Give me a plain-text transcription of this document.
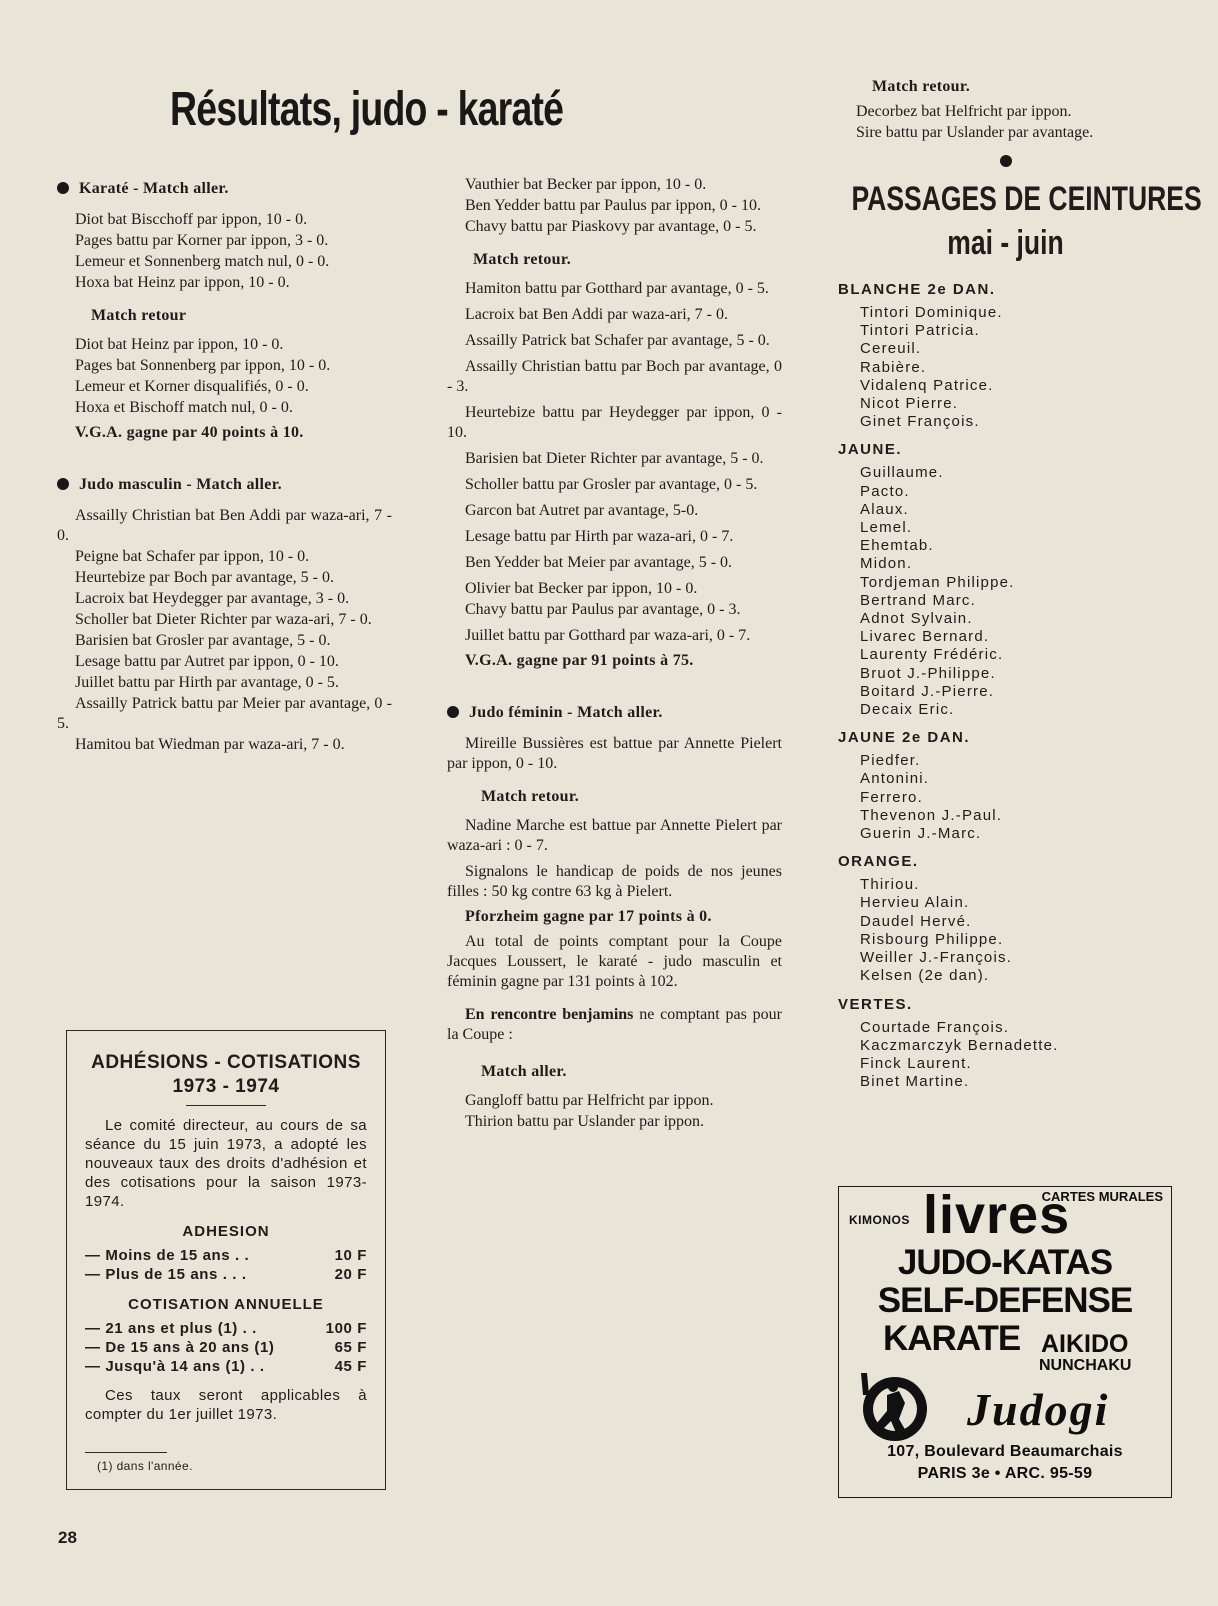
Résultats, judo - karaté
Karaté - Match aller.

Diot bat Biscchoff par ippon, 10 - 0.

Pages battu par Korner par ippon, 3 - 0.

Lemeur et Sonnenberg match nul, 0 - 0.

Hoxa bat Heinz par ippon, 10 - 0.

Match retour

Diot bat Heinz par ippon, 10 - 0.

Pages bat Sonnenberg par ippon, 10 - 0.

Lemeur et Korner disqualifiés, 0 - 0.

Hoxa et Bischoff match nul, 0 - 0.

V.G.A. gagne par 40 points à 10.
Judo masculin - Match aller.

Assailly Christian bat Ben Addi par waza-ari, 7 - 0.

Peigne bat Schafer par ippon, 10 - 0.

Heurtebize par Boch par avantage, 5 - 0.

Lacroix bat Heydegger par avantage, 3 - 0.

Scholler bat Dieter Richter par waza-ari, 7 - 0.

Barisien bat Grosler par avantage, 5 - 0.

Lesage battu par Autret par ippon, 0 - 10.

Juillet battu par Hirth par avantage, 0 - 5.

Assailly Patrick battu par Meier par avantage, 0 - 5.

Hamitou bat Wiedman par waza-ari, 7 - 0.

ADHÉSIONS - COTISATIONS
1973 - 1974
Le comité directeur, au cours de sa séance du 15 juin 1973, a adopté les nouveaux taux des droits d'adhésion et des cotisations pour la saison 1973-1974.
ADHESION
— Moins de 15 ans . .	10 F
— Plus de 15 ans . . .	20 F
COTISATION ANNUELLE
— 21 ans et plus (1) . .	100 F
— De 15 ans à 20 ans (1)	65 F
— Jusqu'à 14 ans (1) . .	45 F
Ces taux seront applicables à compter du 1er juillet 1973.
(1) dans l'année.

Vauthier bat Becker par ippon, 10 - 0.

Ben Yedder battu par Paulus par ippon, 0 - 10.

Chavy battu par Piaskovy par avantage, 0 - 5.

Match retour.

Hamiton battu par Gotthard par avantage, 0 - 5.

Lacroix bat Ben Addi par waza-ari, 7 - 0.

Assailly Patrick bat Schafer par avantage, 5 - 0.

Assailly Christian battu par Boch par avantage, 0 - 3.

Heurtebize battu par Heydegger par ippon, 0 - 10.

Barisien bat Dieter Richter par avantage, 5 - 0.

Scholler battu par Grosler par avantage, 0 - 5.

Garcon bat Autret par avantage, 5-0.

Lesage battu par Hirth par waza-ari, 0 - 7.

Ben Yedder bat Meier par avantage, 5 - 0.

Olivier bat Becker par ippon, 10 - 0.

Chavy battu par Paulus par avantage, 0 - 3.

Juillet battu par Gotthard par waza-ari, 0 - 7.

V.G.A. gagne par 91 points à 75.
Judo féminin - Match aller.

Mireille Bussières est battue par Annette Pielert par ippon, 0 - 10.

Match retour.

Nadine Marche est battue par Annette Pielert par waza-ari : 0 - 7.

Signalons le handicap de poids de nos jeunes filles : 50 kg contre 63 kg à Pielert.

Pforzheim gagne par 17 points à 0.

Au total de points comptant pour la Coupe Jacques Loussert, le karaté - judo masculin et féminin gagne par 131 points à 102.

En rencontre benjamins ne comptant pas pour la Coupe :

Match aller.

Gangloff battu par Helfricht par ippon.

Thirion battu par Uslander par ippon.

Match retour.

Decorbez bat Helfricht par ippon.

Sire battu par Uslander par avantage.

PASSAGES DE CEINTURES
mai - juin
BLANCHE 2e DAN.
Tintori Dominique.
Tintori Patricia.
Cereuil.
Rabière.
Vidalenq Patrice.
Nicot Pierre.
Ginet François.
JAUNE.
Guillaume.
Pacto.
Alaux.
Lemel.
Ehemtab.
Midon.
Tordjeman Philippe.
Bertrand Marc.
Adnot Sylvain.
Livarec Bernard.
Laurenty Frédéric.
Bruot J.-Philippe.
Boitard J.-Pierre.
Decaix Eric.
JAUNE 2e DAN.
Piedfer.
Antonini.
Ferrero.
Thevenon J.-Paul.
Guerin J.-Marc.
ORANGE.
Thiriou.
Hervieu Alain.
Daudel Hervé.
Risbourg Philippe.
Weiller J.-François.
Kelsen (2e dan).
VERTES.
Courtade François.
Kaczmarczyk Bernadette.
Finck Laurent.
Binet Martine.
KIMONOS
CARTES MURALES
livres
JUDO-KATAS
SELF-DEFENSE
KARATE AIKIDO
NUNCHAKU
Judogi
107, Boulevard Beaumarchais
PARIS 3e • ARC. 95-59
28
